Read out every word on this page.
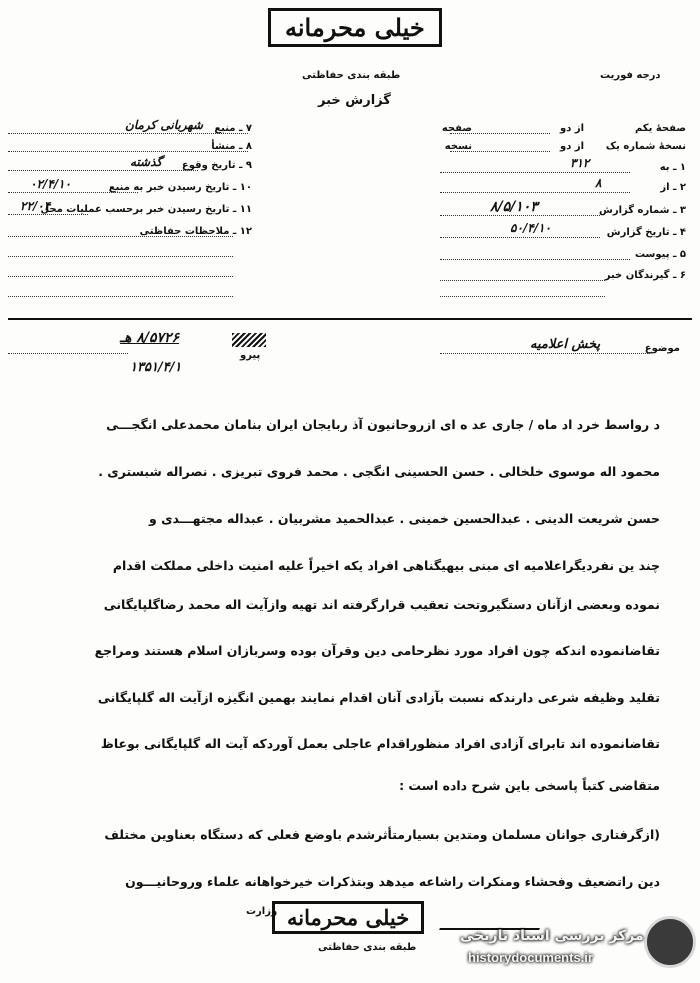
خیلی محرمانه
طبقه بندی حفاظتی	درجه فوریت
گزارش خبر
۷ ـ منبع
شهربانی کرمان
۸ ـ منشأ
۹ ـ تاریخ وقوع
گذشته
۱۰ ـ تاریخ رسیدن خبر به منبع
۰۲/۴/۱۰
۱۱ ـ تاریخ رسیدن خبر برحسب عملیات محل
۲۲/۰۴
۱۲ ـ ملاحظات حفاظتی
صفحهٔ یکم
از دو
صفحه
نسخهٔ شماره یک
از دو
نسخه
۱ ـ به
۳۱۲
۲ ـ از
۸
۳ ـ شماره گزارش
۸/۵/۱۰۳
۴ ـ تاریخ گزارش
۵۰/۴/۱۰
۵ ـ پیوست
۶ ـ گیرندگان خبر
موضوع
پخش اعلامیه
۸/۵۷۲۶ هـ
پیرو
۱۳۵۱/۴/۱
د رواسط خرد اد ماه / جاری عد ه ای ازروحانیون آذ ربایجان ایران بنامان محمدعلی انگجـــی
محمود اله موسوی خلخالی . حسن الحسینی انگجی . محمد فروی تبریزی . نصراله شبستری .
حسن شریعت الدینی . عبدالحسین خمینی . عبدالحمید مشربیان . عبداله مجتهـــدی و
چند ین نفردیگراعلامیه ای مبنی بیهیگناهی افراد یکه اخیراً علیه امنیت داخلی مملکت اقدام
نموده وبعضی ازآنان دستگیروتحت تعقیب قرارگرفته اند تهیه وازآیت اله محمد رضاگلپایگانی
تقاضانموده اندکه چون افراد مورد نظرحامی دین وقرآن بوده وسربازان اسلام هستند ومراجع
تقلید وظیفه شرعی دارندکه نسبت بآزادی آنان اقدام نمایند بهمین انگیزه ازآیت اله گلپایگانی
تقاضانموده اند تابرای آزادی افراد منظوراقدام عاجلی بعمل آوردکه آیت اله گلپایگانی بوعاظ
متقاضی کتباً پاسخی باین شرح داده است :
(ازگرفتاری جوانان مسلمان ومتدین بسیارمتأثرشدم باوضع فعلی که دستگاه بعناوین مختلف
دین راتضعیف وفحشاء ومنکرات راشاعه میدهد وبتذکرات خیرخواهانه علماء وروحانیـــون
خیلی محرمانه
طبقه بندی حفاظتی
وزارت
مرکز بررسی اسناد تاریخی
historydocuments.ir
